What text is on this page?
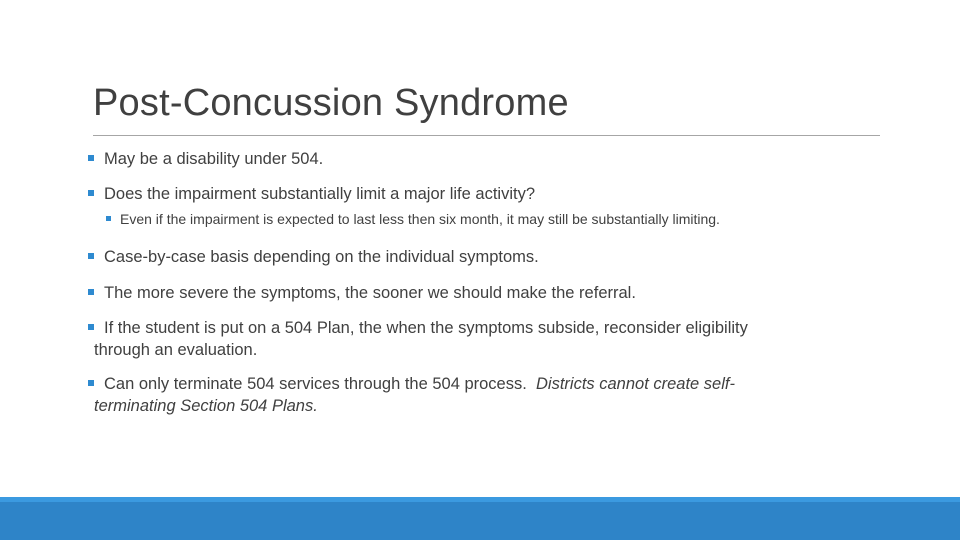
Post-Concussion Syndrome
May be a disability under 504.
Does the impairment substantially limit a major life activity?
Even if the impairment is expected to last less then six month, it may still be substantially limiting.
Case-by-case basis depending on the individual symptoms.
The more severe the symptoms, the sooner we should make the referral.
If the student is put on a 504 Plan, the when the symptoms subside, reconsider eligibility
through an evaluation.
Can only terminate 504 services through the 504 process.  Districts cannot create self-
terminating Section 504 Plans.
